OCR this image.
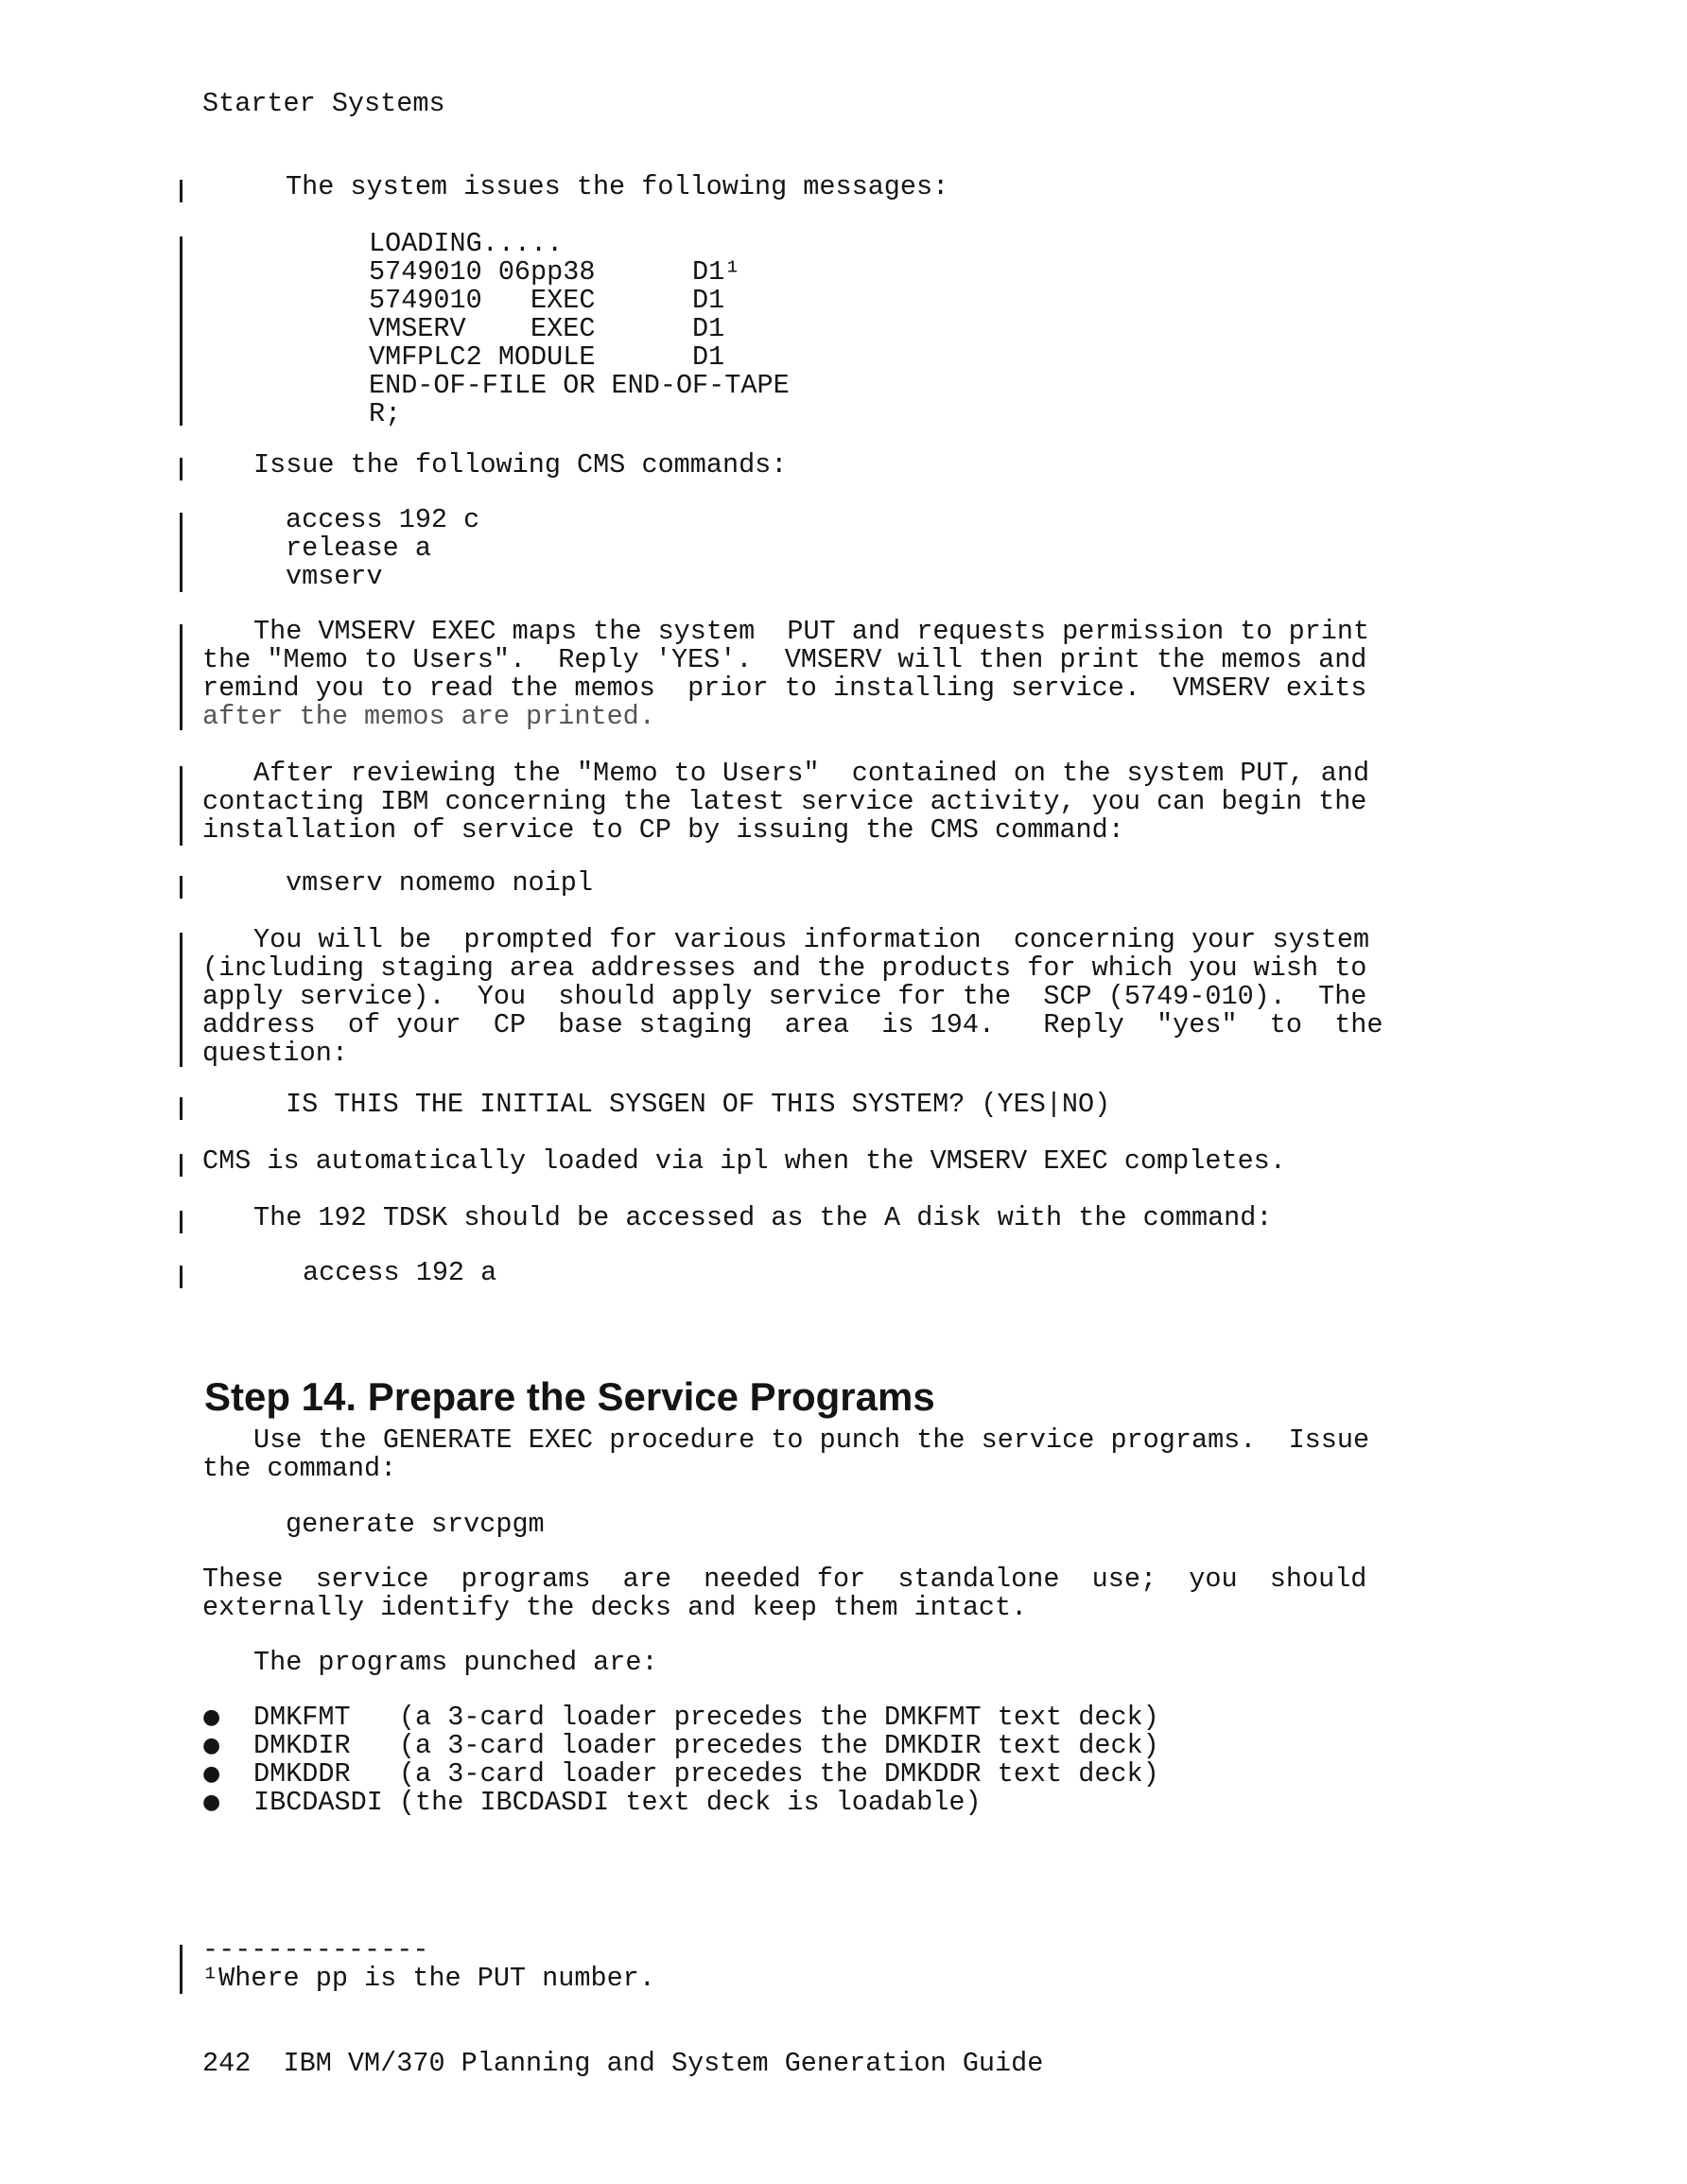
Starter Systems
The system issues the following messages:
LOADING.....
5749010 06pp38      D1¹
5749010   EXEC      D1
VMSERV    EXEC      D1
VMFPLC2 MODULE      D1
END-OF-FILE OR END-OF-TAPE
R;
Issue the following CMS commands:
access 192 c
release a
vmserv
The VMSERV EXEC maps the system  PUT and requests permission to print
the "Memo to Users".  Reply 'YES'.  VMSERV will then print the memos and
remind you to read the memos  prior to installing service.  VMSERV exits
after the memos are printed.
After reviewing the "Memo to Users"  contained on the system PUT, and
contacting IBM concerning the latest service activity, you can begin the
installation of service to CP by issuing the CMS command:
vmserv nomemo noipl
You will be  prompted for various information  concerning your system
(including staging area addresses and the products for which you wish to
apply service).  You  should apply service for the  SCP (5749-010).  The
address  of your  CP  base staging  area  is 194.   Reply  "yes"  to  the
question:
IS THIS THE INITIAL SYSGEN OF THIS SYSTEM? (YES|NO)
CMS is automatically loaded via ipl when the VMSERV EXEC completes.
The 192 TDSK should be accessed as the A disk with the command:
access 192 a
Step 14. Prepare the Service Programs
Use the GENERATE EXEC procedure to punch the service programs.  Issue
the command:
generate srvcpgm
These  service  programs  are  needed for  standalone  use;  you  should
externally identify the decks and keep them intact.
The programs punched are:
● DMKFMT   (a 3-card loader precedes the DMKFMT text deck)
● DMKDIR   (a 3-card loader precedes the DMKDIR text deck)
● DMKDDR   (a 3-card loader precedes the DMKDDR text deck)
● IBCDASDI (the IBCDASDI text deck is loadable)
--------------
¹Where pp is the PUT number.
242  IBM VM/370 Planning and System Generation Guide
